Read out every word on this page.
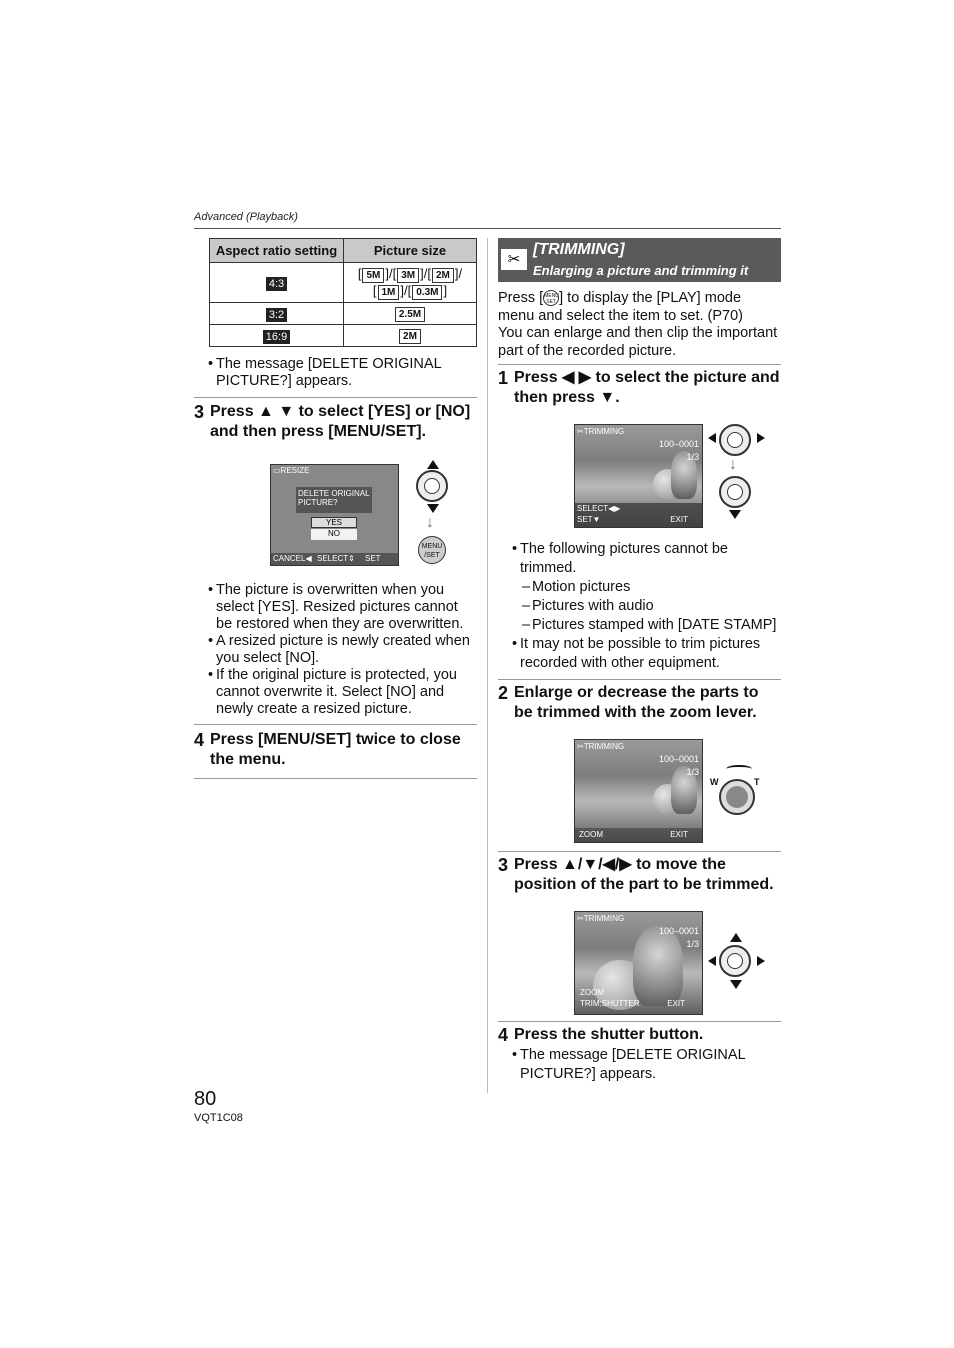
Advanced (Playback)
Aspect ratio setting	Picture size
4:3	[ 5M ]/[ 3M ]/[ 2M ]/
[ 1M ]/[ 0.3M ]

3:2	2.5M
16:9	2M
• The message [DELETE ORIGINAL PICTURE?] appears.
3 Press ▲ ▼ to select [YES] or [NO] and then press [MENU/SET].
▭RESIZE
DELETE ORIGINAL PICTURE?
YES
NO
CANCEL◀ SELECT⇕ SET
↓
MENU /SET
• The picture is overwritten when you select [YES]. Resized pictures cannot be restored when they are overwritten.
• A resized picture is newly created when you select [NO].
• If the original picture is protected, you cannot overwrite it. Select [NO] and newly create a resized picture.
4 Press [MENU/SET] twice to close the menu.
✂
[TRIMMING]
Enlarging a picture and trimming it
Press [MENU SET ] to display the [PLAY] mode menu and select the item to set. (P70)
You can enlarge and then clip the important part of the recorded picture.
1 Press ◀ ▶ to select the picture and then press ▼.
✂TRIMMING
100–0001
1/3
SELECT◀▶
SET▼	EXIT
↓
• The following pictures cannot be trimmed.
– Motion pictures
– Pictures with audio
– Pictures stamped with [DATE STAMP]
• It may not be possible to trim pictures recorded with other equipment.
2 Enlarge or decrease the parts to be trimmed with the zoom lever.
✂TRIMMING
100–0001
1/3
ZOOM	EXIT
W	T
3 Press ▲/▼/◀/▶ to move the position of the part to be trimmed.
✂TRIMMING
100–0001
1/3
ZOOM
TRIM:SHUTTER	EXIT
4 Press the shutter button.
• The message [DELETE ORIGINAL PICTURE?] appears.
80
VQT1C08
